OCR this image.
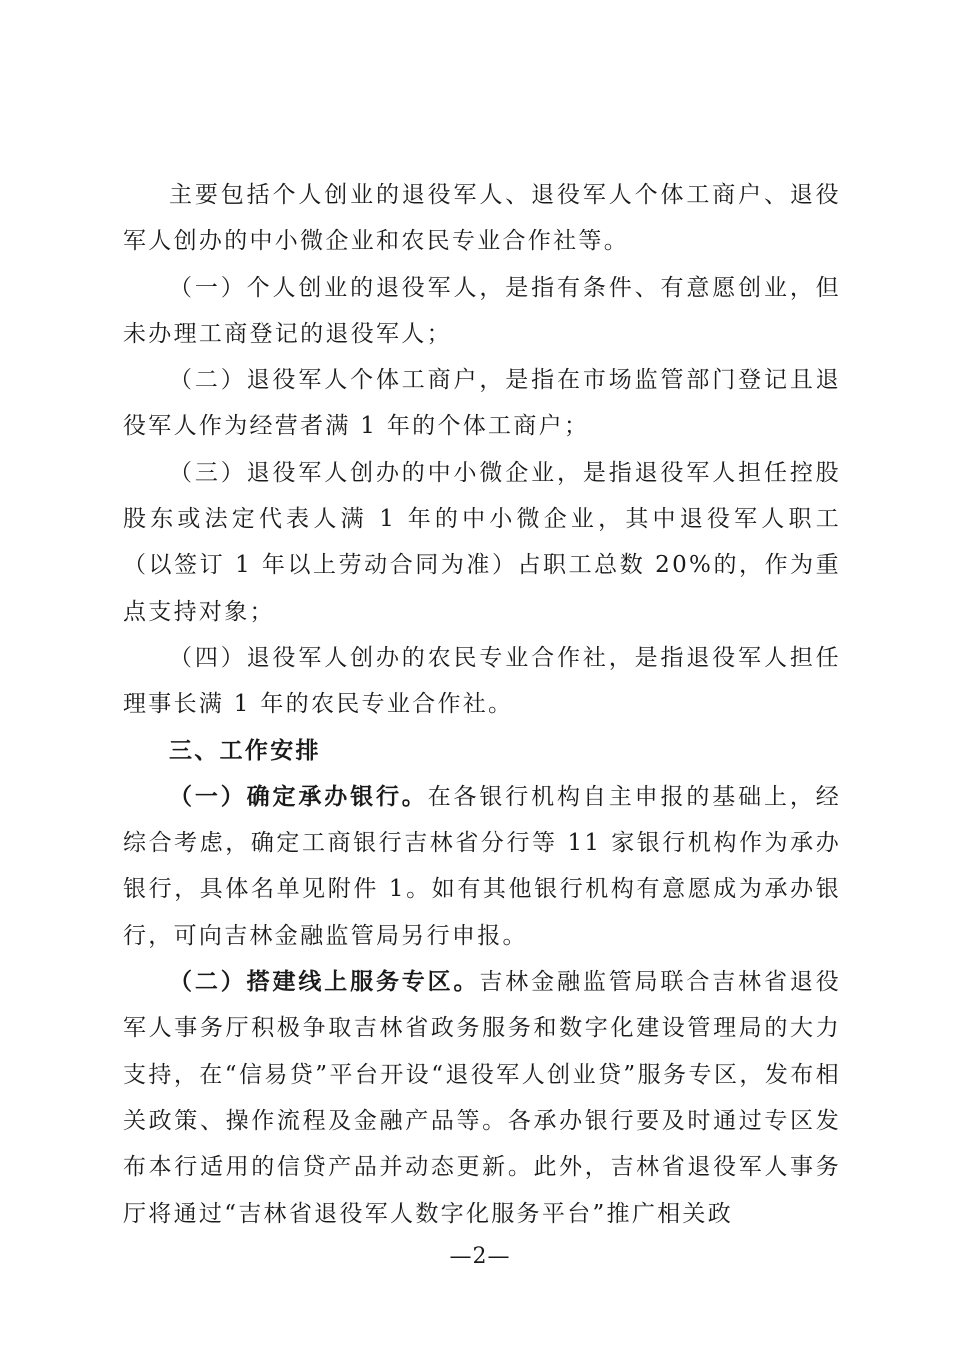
主要包括个人创业的退役军人、退役军人个体工商户、退役军人创办的中小微企业和农民专业合作社等。

（一）个人创业的退役军人，是指有条件、有意愿创业，但未办理工商登记的退役军人；

（二）退役军人个体工商户，是指在市场监管部门登记且退役军人作为经营者满 1 年的个体工商户；

（三）退役军人创办的中小微企业，是指退役军人担任控股股东或法定代表人满 1 年的中小微企业，其中退役军人职工（以签订 1 年以上劳动合同为准）占职工总数 20%的，作为重点支持对象；

（四）退役军人创办的农民专业合作社，是指退役军人担任理事长满 1 年的农民专业合作社。

三、工作安排

（一）确定承办银行。在各银行机构自主申报的基础上，经综合考虑，确定工商银行吉林省分行等 11 家银行机构作为承办银行，具体名单见附件 1。如有其他银行机构有意愿成为承办银行，可向吉林金融监管局另行申报。

（二）搭建线上服务专区。吉林金融监管局联合吉林省退役军人事务厅积极争取吉林省政务服务和数字化建设管理局的大力支持，在“信易贷”平台开设“退役军人创业贷”服务专区，发布相关政策、操作流程及金融产品等。各承办银行要及时通过专区发布本行适用的信贷产品并动态更新。此外，吉林省退役军人事务厅将通过“吉林省退役军人数字化服务平台”推广相关政

—2—
